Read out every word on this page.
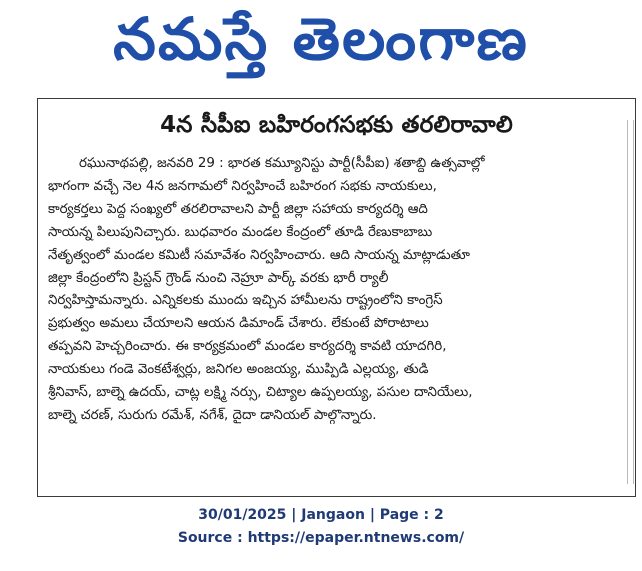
నమస్తే తెలంగాణ
4న సీపీఐ బహిరంగసభకు తరలిరావాలి
రఘునాథపల్లి, జనవరి 29 : భారత కమ్యూనిస్టు పార్టీ(సీపీఐ) శతాబ్ది ఉత్సవాల్లో
భాగంగా వచ్చే నెల 4న జనగామలో నిర్వహించే బహిరంగ సభకు నాయకులు,
కార్యకర్తలు పెద్ద సంఖ్యలో తరలిరావాలని పార్టీ జిల్లా సహాయ కార్యదర్శి ఆది
సాయన్న పిలుపునిచ్చారు. బుధవారం మండల కేంద్రంలో తూడి రేణుకాబాబు
నేతృత్వంలో మండల కమిటీ సమావేశం నిర్వహించారు. ఆది సాయన్న మాట్లాడుతూ
జిల్లా కేంద్రంలోని ప్రిస్టన్ గ్రౌండ్ నుంచి నెహ్రూ పార్క్ వరకు భారీ ర్యాలీ
నిర్వహిస్తామన్నారు. ఎన్నికలకు ముందు ఇచ్చిన హామీలను రాష్ట్రంలోని కాంగ్రెస్
ప్రభుత్వం అమలు చేయాలని ఆయన డిమాండ్ చేశారు. లేకుంటే పోరాటాలు
తప్పవని హెచ్చరించారు. ఈ కార్యక్రమంలో మండల కార్యదర్శి కావటి యాదగిరి,
నాయకులు గండె వెంకటేశ్వర్లు, జనిగల అంజయ్య, ముప్పిడి ఎల్లయ్య, తుడి
శ్రీనివాస్, బాల్నె ఉదయ్, చాట్ల లక్ష్మి నర్సు, చిట్యాల ఉప్పలయ్య, పసుల దానియేలు,
బాల్నె చరణ్, సురుగు రమేశ్, నగేశ్, దైదా డానియల్ పాల్గొన్నారు.
30/01/2025 | Jangaon | Page : 2
Source : https://epaper.ntnews.com/
